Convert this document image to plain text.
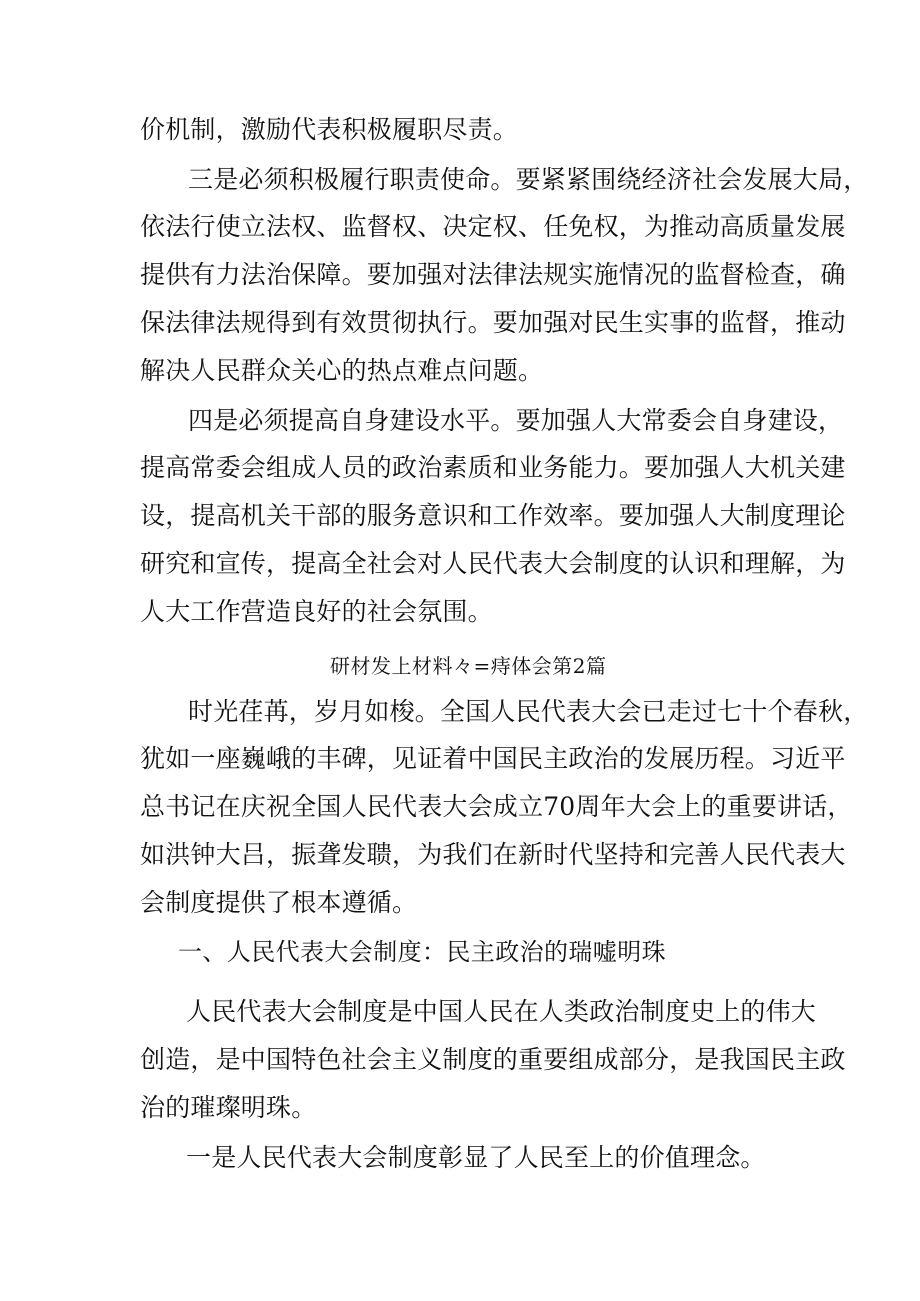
价机制，激励代表积极履职尽责。

三是必须积极履行职责使命。要紧紧围绕经济社会发展大局，

依法行使立法权、监督权、决定权、任免权，为推动高质量发展

提供有力法治保障。要加强对法律法规实施情况的监督检查，确

保法律法规得到有效贯彻执行。要加强对民生实事的监督，推动

解决人民群众关心的热点难点问题。

四是必须提高自身建设水平。要加强人大常委会自身建设，

提高常委会组成人员的政治素质和业务能力。要加强人大机关建

设，提高机关干部的服务意识和工作效率。要加强人大制度理论

研究和宣传，提高全社会对人民代表大会制度的认识和理解，为

人大工作营造良好的社会氛围。

研材发上材料々=痔体会第2篇

时光荏苒，岁月如梭。全国人民代表大会已走过七十个春秋，

犹如一座巍峨的丰碑，见证着中国民主政治的发展历程。习近平

总书记在庆祝全国人民代表大会成立70周年大会上的重要讲话，

如洪钟大吕，振聋发聩，为我们在新时代坚持和完善人民代表大

会制度提供了根本遵循。

一、人民代表大会制度：民主政治的瑞嘘明珠

人民代表大会制度是中国人民在人类政治制度史上的伟大

创造，是中国特色社会主义制度的重要组成部分，是我国民主政

治的璀璨明珠。

一是人民代表大会制度彰显了人民至上的价值理念。
